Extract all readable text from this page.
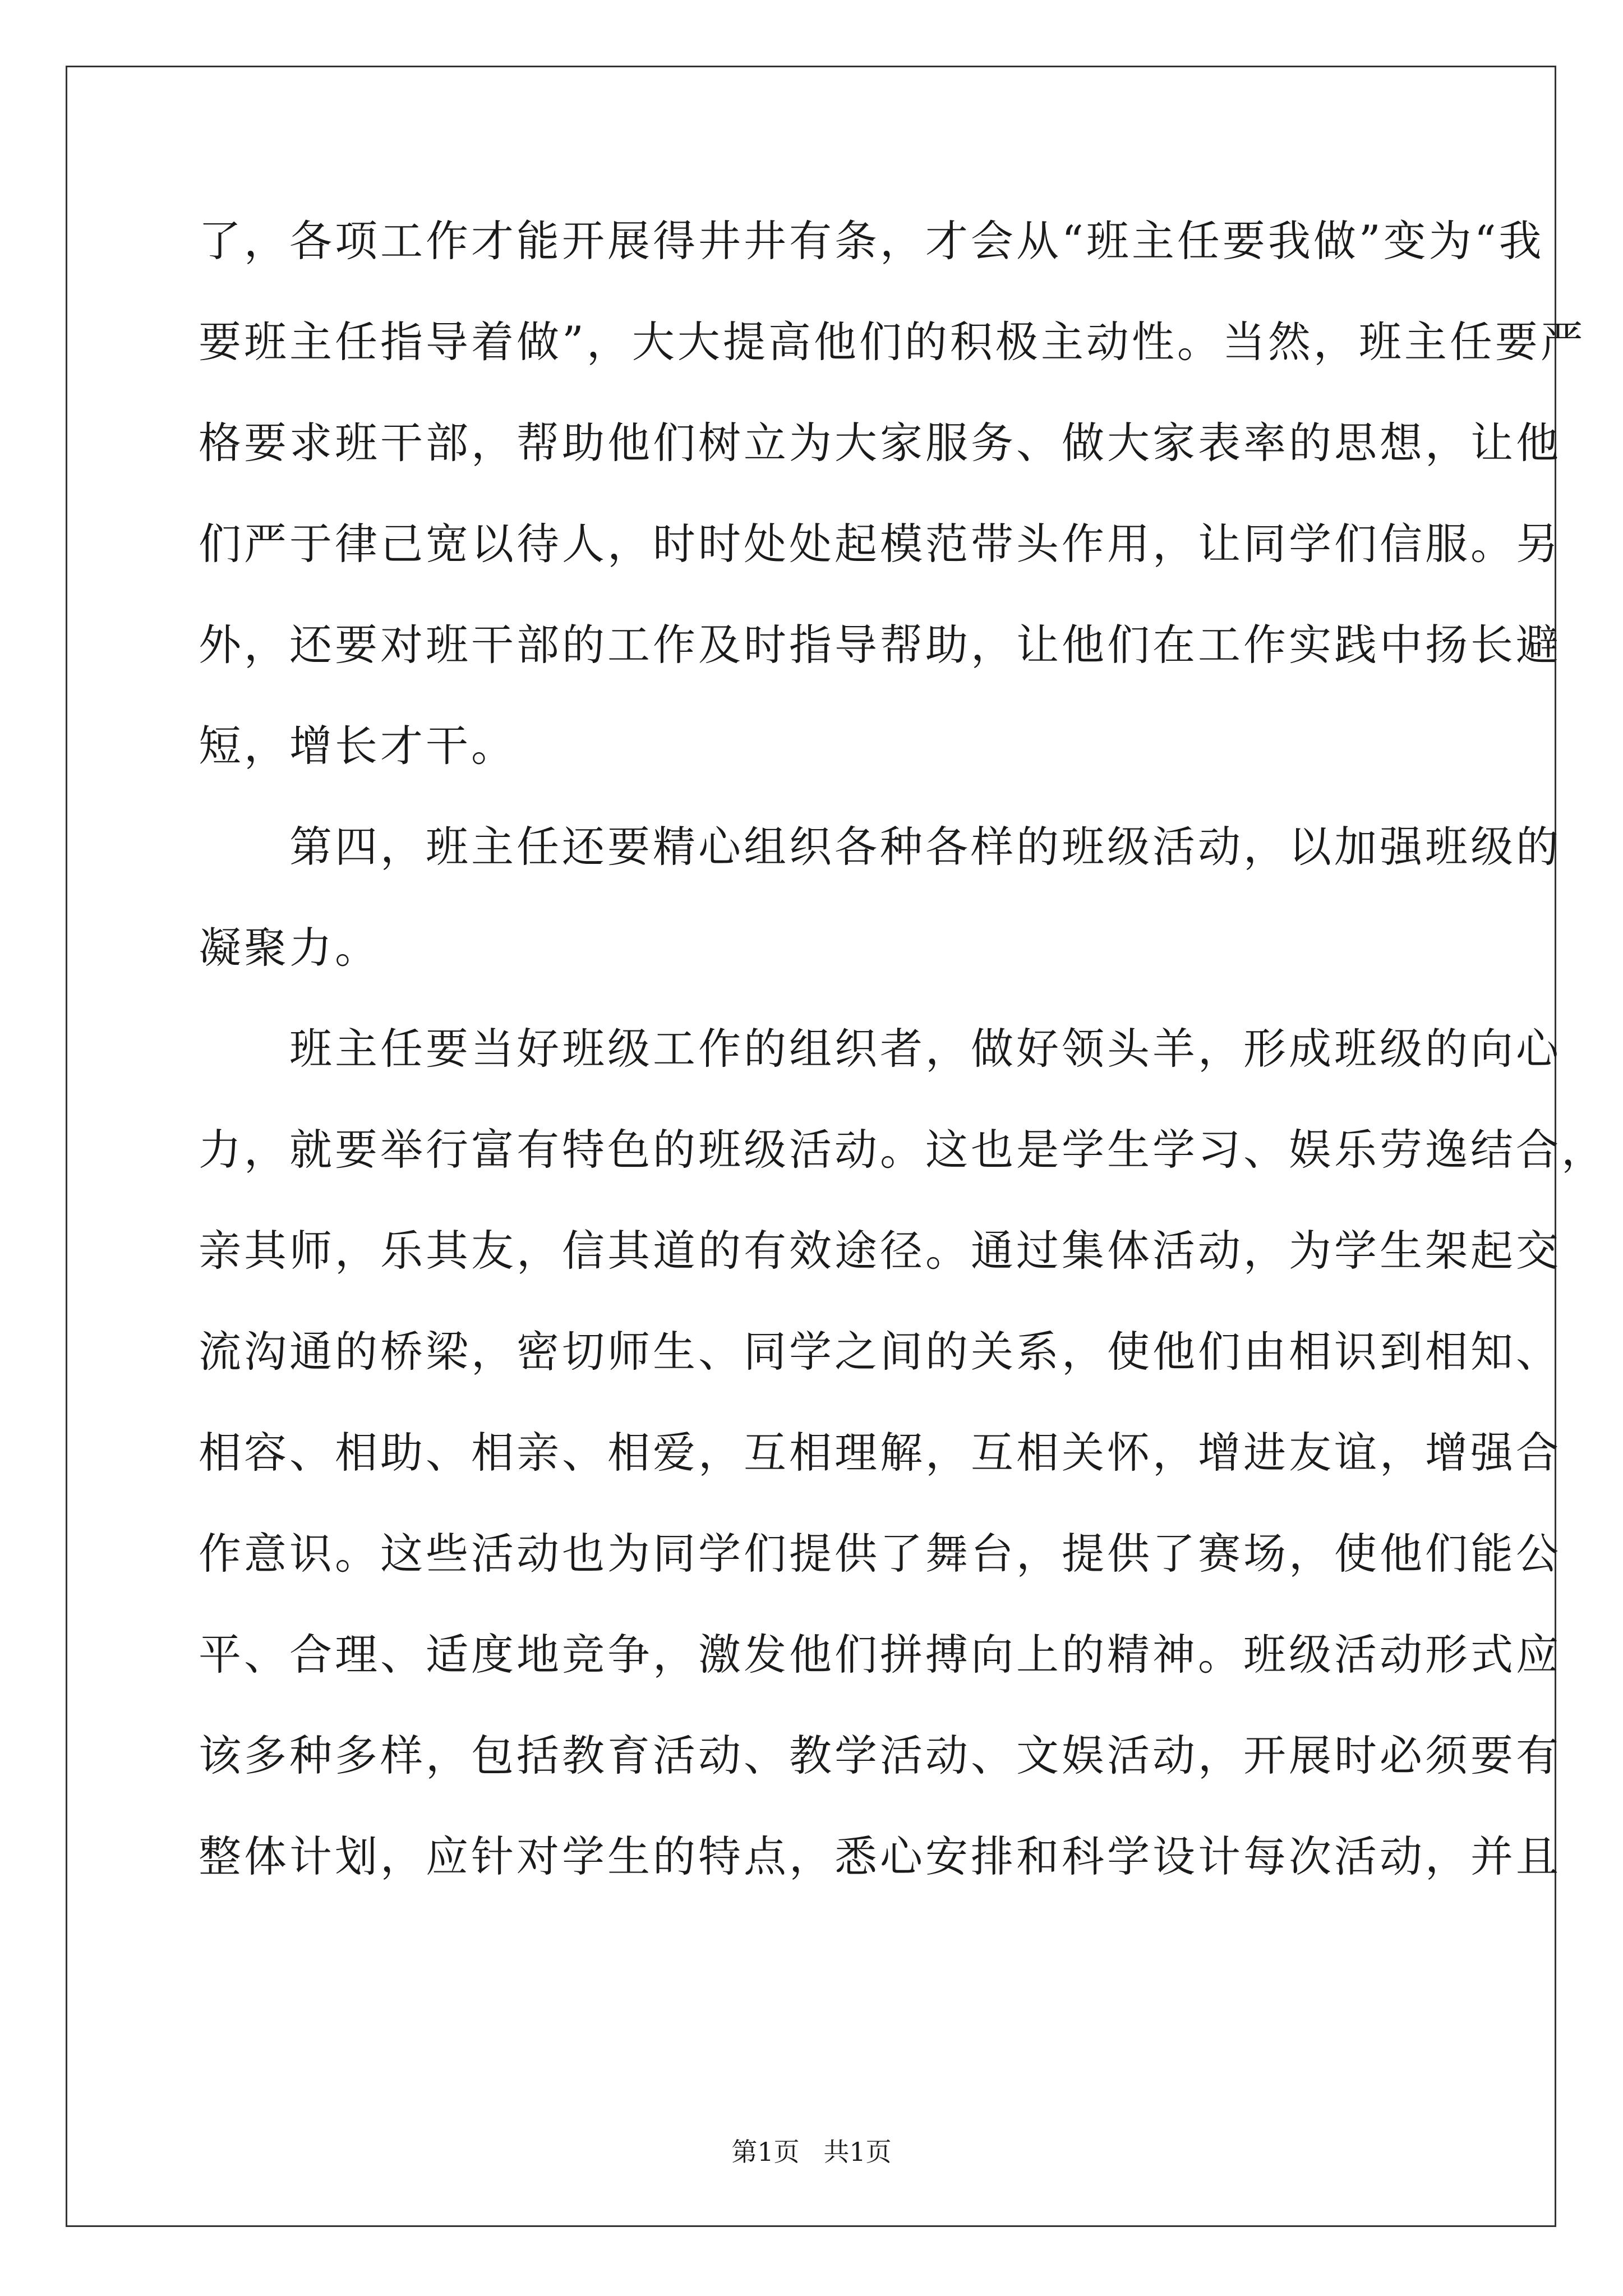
了，各项工作才能开展得井井有条，才会从“班主任要我做”变为“我
要班主任指导着做”，大大提高他们的积极主动性。当然，班主任要严
格要求班干部，帮助他们树立为大家服务、做大家表率的思想，让他
们严于律己宽以待人，时时处处起模范带头作用，让同学们信服。另
外，还要对班干部的工作及时指导帮助，让他们在工作实践中扬长避
短，增长才干。
　　第四，班主任还要精心组织各种各样的班级活动，以加强班级的
凝聚力。
　　班主任要当好班级工作的组织者，做好领头羊，形成班级的向心
力，就要举行富有特色的班级活动。这也是学生学习、娱乐劳逸结合，
亲其师，乐其友，信其道的有效途径。通过集体活动，为学生架起交
流沟通的桥梁，密切师生、同学之间的关系，使他们由相识到相知、
相容、相助、相亲、相爱，互相理解，互相关怀，增进友谊，增强合
作意识。这些活动也为同学们提供了舞台，提供了赛场，使他们能公
平、合理、适度地竞争，激发他们拼搏向上的精神。班级活动形式应
该多种多样，包括教育活动、教学活动、文娱活动，开展时必须要有
整体计划，应针对学生的特点，悉心安排和科学设计每次活动，并且
第1页 共1页
